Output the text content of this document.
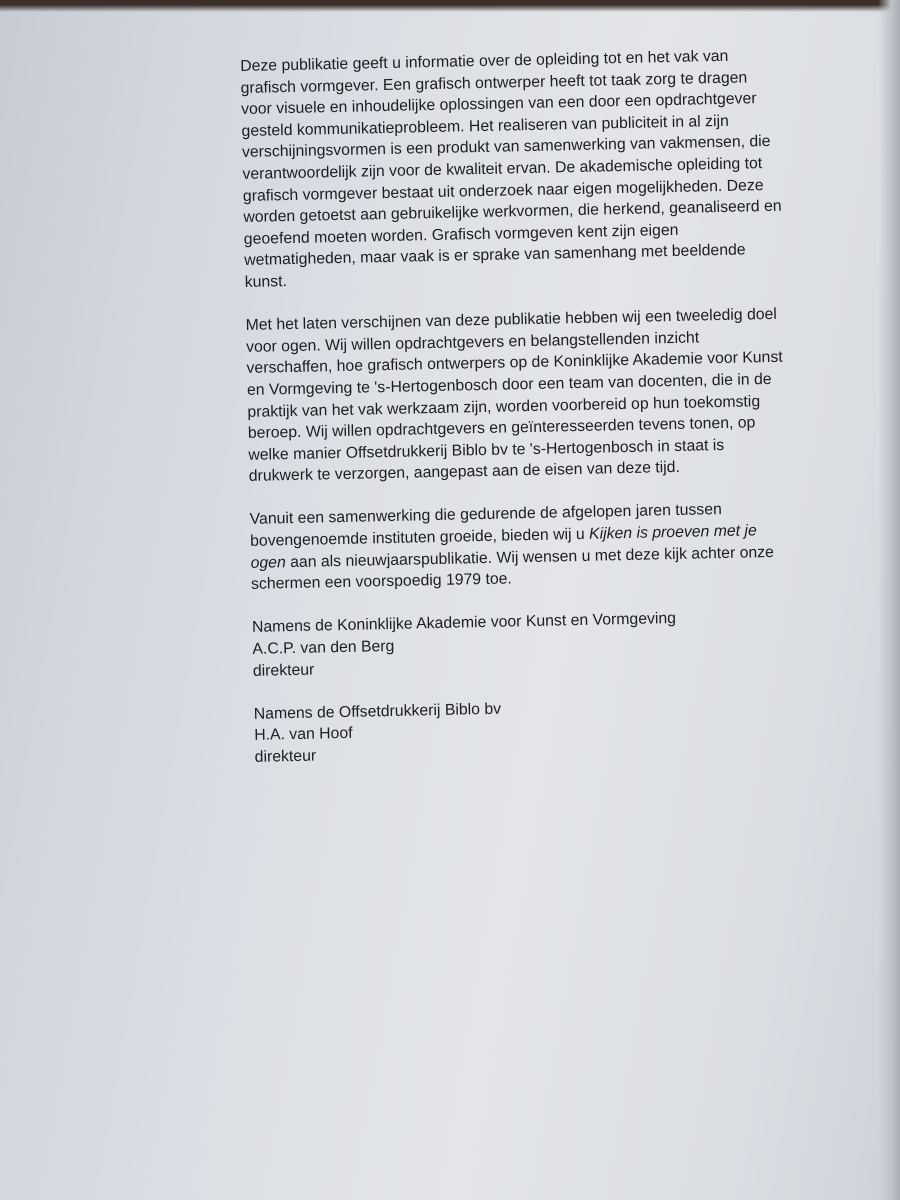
Deze publikatie geeft u informatie over de opleiding tot en het vak van
grafisch vormgever. Een grafisch ontwerper heeft tot taak zorg te dragen
voor visuele en inhoudelijke oplossingen van een door een opdrachtgever
gesteld kommunikatieprobleem. Het realiseren van publiciteit in al zijn
verschijningsvormen is een produkt van samenwerking van vakmensen, die
verantwoordelijk zijn voor de kwaliteit ervan. De akademische opleiding tot
grafisch vormgever bestaat uit onderzoek naar eigen mogelijkheden. Deze
worden getoetst aan gebruikelijke werkvormen, die herkend, geanaliseerd en
geoefend moeten worden. Grafisch vormgeven kent zijn eigen
wetmatigheden, maar vaak is er sprake van samenhang met beeldende
kunst.

Met het laten verschijnen van deze publikatie hebben wij een tweeledig doel
voor ogen. Wij willen opdrachtgevers en belangstellenden inzicht
verschaffen, hoe grafisch ontwerpers op de Koninklijke Akademie voor Kunst
en Vormgeving te 's-Hertogenbosch door een team van docenten, die in de
praktijk van het vak werkzaam zijn, worden voorbereid op hun toekomstig
beroep. Wij willen opdrachtgevers en geïnteresseerden tevens tonen, op
welke manier Offsetdrukkerij Biblo bv te 's-Hertogenbosch in staat is
drukwerk te verzorgen, aangepast aan de eisen van deze tijd.

Vanuit een samenwerking die gedurende de afgelopen jaren tussen
bovengenoemde instituten groeide, bieden wij u Kijken is proeven met je
ogen aan als nieuwjaarspublikatie. Wij wensen u met deze kijk achter onze
schermen een voorspoedig 1979 toe.

Namens de Koninklijke Akademie voor Kunst en Vormgeving
A.C.P. van den Berg
direkteur

Namens de Offsetdrukkerij Biblo bv
H.A. van Hoof
direkteur
